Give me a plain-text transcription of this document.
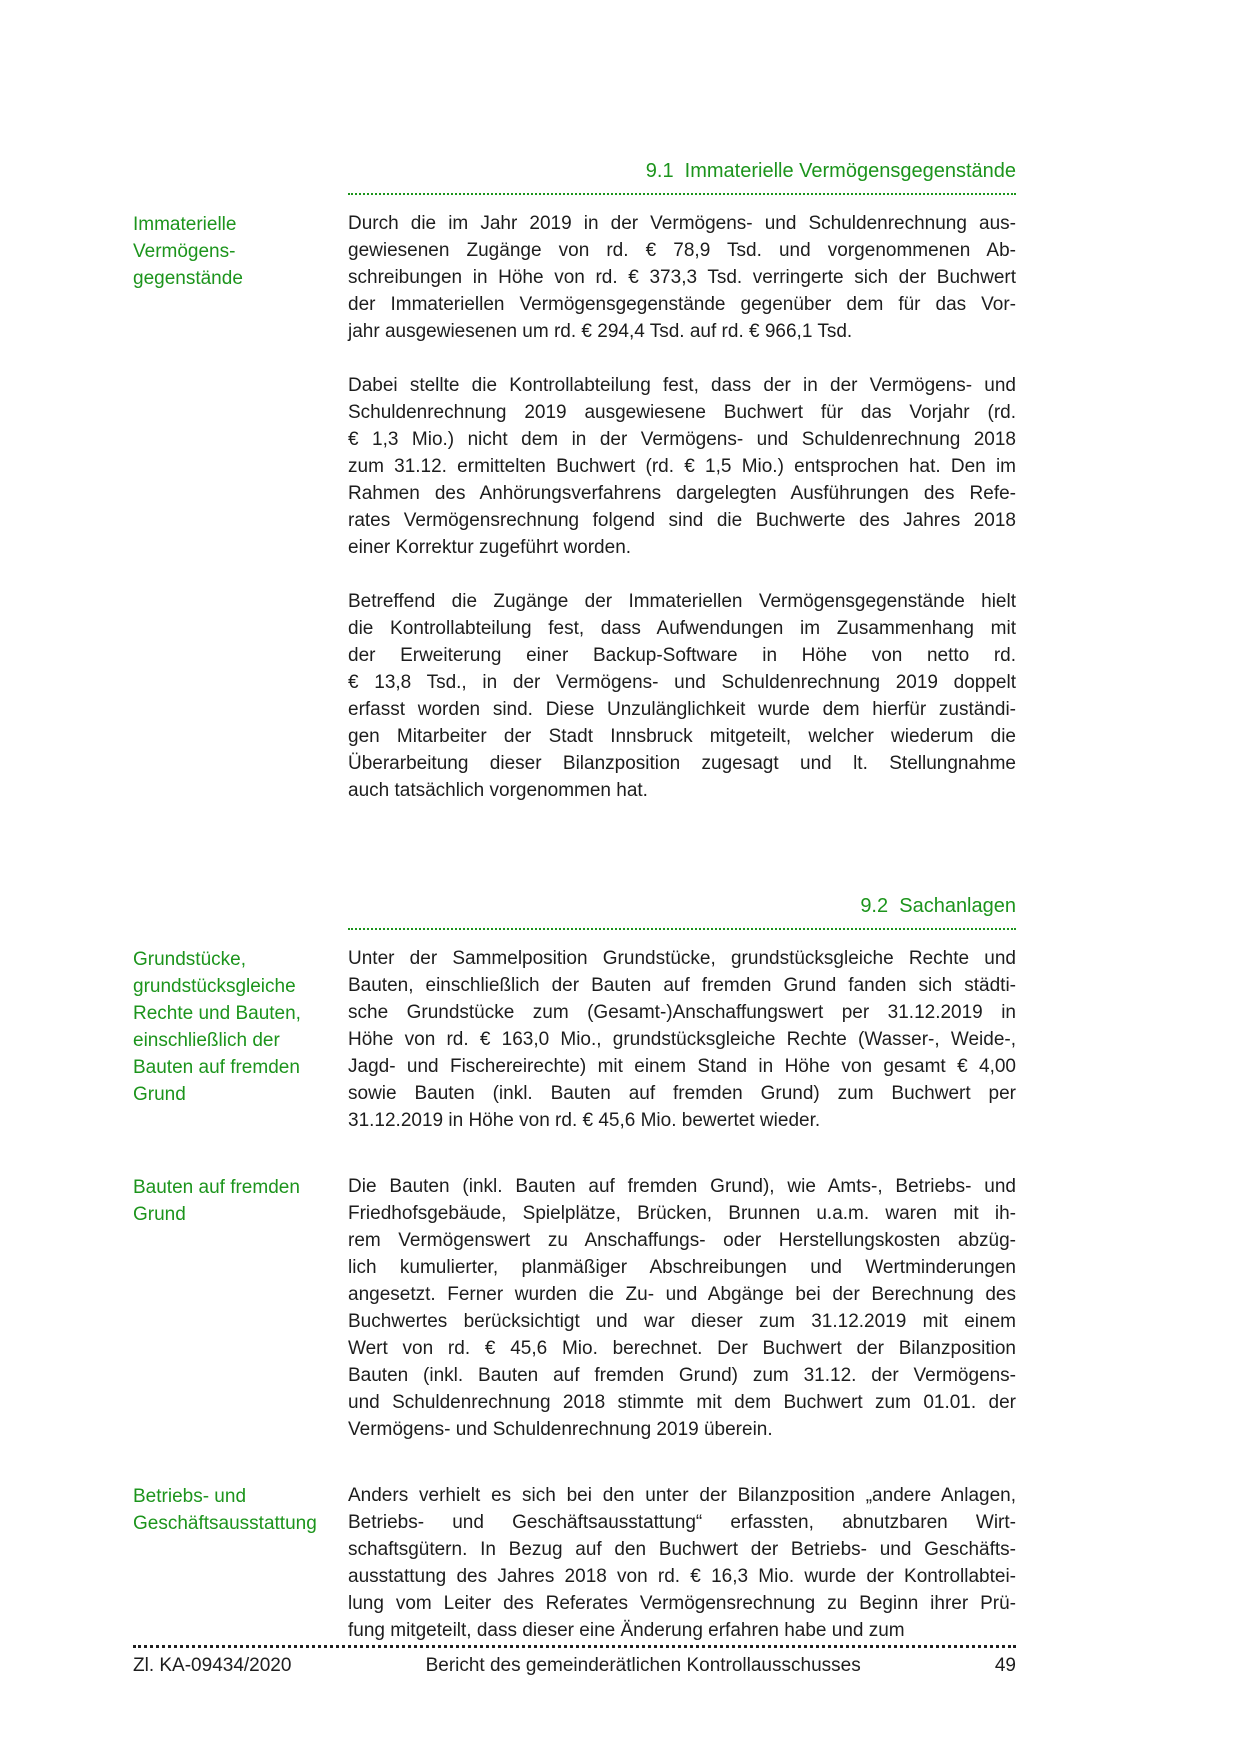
9.1  Immaterielle Vermögensgegenstände
Immaterielle
Vermögens-
gegenstände
Durch die im Jahr 2019 in der Vermögens- und Schuldenrechnung aus-
gewiesenen Zugänge von rd. € 78,9 Tsd. und vorgenommenen Ab-
schreibungen in Höhe von rd. € 373,3 Tsd. verringerte sich der Buchwert
der Immateriellen Vermögensgegenstände gegenüber dem für das Vor-
jahr ausgewiesenen um rd. € 294,4 Tsd. auf rd. € 966,1 Tsd.
Dabei stellte die Kontrollabteilung fest, dass der in der Vermögens- und
Schuldenrechnung 2019 ausgewiesene Buchwert für das Vorjahr (rd.
€ 1,3 Mio.) nicht dem in der Vermögens- und Schuldenrechnung 2018
zum 31.12. ermittelten Buchwert (rd. € 1,5 Mio.) entsprochen hat. Den im
Rahmen des Anhörungsverfahrens dargelegten Ausführungen des Refe-
rates Vermögensrechnung folgend sind die Buchwerte des Jahres 2018
einer Korrektur zugeführt worden.
Betreffend die Zugänge der Immateriellen Vermögensgegenstände hielt
die Kontrollabteilung fest, dass Aufwendungen im Zusammenhang mit
der Erweiterung einer Backup-Software in Höhe von netto rd.
€ 13,8 Tsd., in der Vermögens- und Schuldenrechnung 2019 doppelt
erfasst worden sind. Diese Unzulänglichkeit wurde dem hierfür zuständi-
gen Mitarbeiter der Stadt Innsbruck mitgeteilt, welcher wiederum die
Überarbeitung dieser Bilanzposition zugesagt und lt. Stellungnahme
auch tatsächlich vorgenommen hat.
9.2  Sachanlagen
Grundstücke,
grundstücksgleiche
Rechte und Bauten,
einschließlich der
Bauten auf fremden
Grund
Unter der Sammelposition Grundstücke, grundstücksgleiche Rechte und
Bauten, einschließlich der Bauten auf fremden Grund fanden sich städti-
sche Grundstücke zum (Gesamt-)Anschaffungswert per 31.12.2019 in
Höhe von rd. € 163,0 Mio., grundstücksgleiche Rechte (Wasser-, Weide-,
Jagd- und Fischereirechte) mit einem Stand in Höhe von gesamt € 4,00
sowie Bauten (inkl. Bauten auf fremden Grund) zum Buchwert per
31.12.2019 in Höhe von rd. € 45,6 Mio. bewertet wieder.
Bauten auf fremden
Grund
Die Bauten (inkl. Bauten auf fremden Grund), wie Amts-, Betriebs- und
Friedhofsgebäude, Spielplätze, Brücken, Brunnen u.a.m. waren mit ih-
rem Vermögenswert zu Anschaffungs- oder Herstellungskosten abzüg-
lich kumulierter, planmäßiger Abschreibungen und Wertminderungen
angesetzt. Ferner wurden die Zu- und Abgänge bei der Berechnung des
Buchwertes berücksichtigt und war dieser zum 31.12.2019 mit einem
Wert von rd. € 45,6 Mio. berechnet. Der Buchwert der Bilanzposition
Bauten (inkl. Bauten auf fremden Grund) zum 31.12. der Vermögens-
und Schuldenrechnung 2018 stimmte mit dem Buchwert zum 01.01. der
Vermögens- und Schuldenrechnung 2019 überein.
Betriebs- und
Geschäftsausstattung
Anders verhielt es sich bei den unter der Bilanzposition „andere Anlagen,
Betriebs- und Geschäftsausstattung“ erfassten, abnutzbaren Wirt-
schaftsgütern. In Bezug auf den Buchwert der Betriebs- und Geschäfts-
ausstattung des Jahres 2018 von rd. € 16,3 Mio. wurde der Kontrollabtei-
lung vom Leiter des Referates Vermögensrechnung zu Beginn ihrer Prü-
fung mitgeteilt, dass dieser eine Änderung erfahren habe und zum
Zl. KA-09434/2020	Bericht des gemeinderätlichen Kontrollausschusses	49
